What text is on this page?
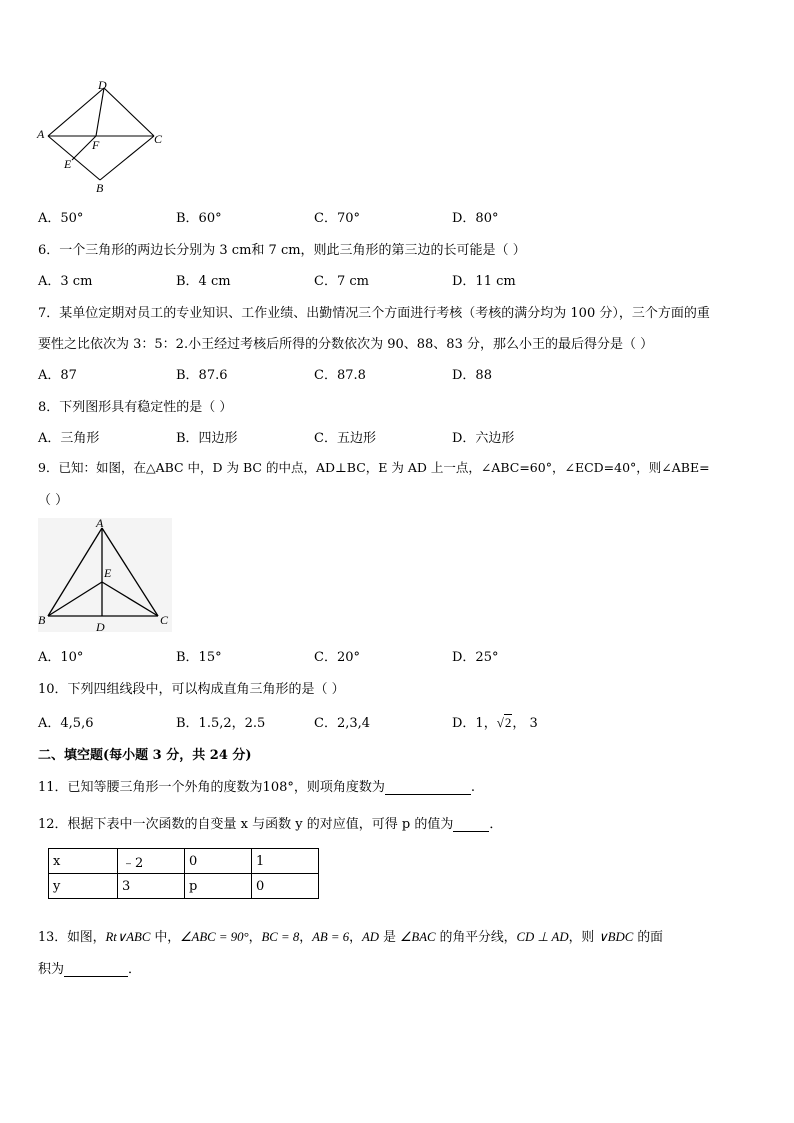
D
A	C
F
E
B
A．50°	B．60°	C．70°	D．80°
6．一个三角形的两边长分别为 3 cm和 7 cm，则此三角形的第三边的长可能是（ ）
A．3 cm	B．4 cm	C．7 cm	D．11 cm
7．某单位定期对员工的专业知识、工作业绩、出勤情况三个方面进行考核（考核的满分均为 100 分），三个方面的重
要性之比依次为 3：5：2.小王经过考核后所得的分数依次为 90、88、83 分，那么小王的最后得分是（ ）
A．87	B．87.6	C．87.8	D．88
8．下列图形具有稳定性的是（ ）
A．三角形	B．四边形	C．五边形	D．六边形
9．已知：如图，在△ABC 中，D 为 BC 的中点，AD⊥BC，E 为 AD 上一点，∠ABC=60°，∠ECD=40°，则∠ABE=
（ ）
A
E
B	C
D
A．10°	B．15°	C．20°	D．25°
10．下列四组线段中，可以构成直角三角形的是（ ）
A．4,5,6	B．1.5,2，2.5	C．2,3,4	D．1，√2， 3
二、填空题(每小题 3 分，共 24 分)
11．已知等腰三角形一个外角的度数为108°，则项角度数为	.
12．根据下表中一次函数的自变量 x 与函数 y 的对应值，可得 p 的值为	．
x	﹣2	0	1
y	3	p	0
13．如图，Rt∨ABC 中，∠ABC = 90°，BC = 8，AB = 6，AD 是 ∠BAC 的角平分线，CD ⊥ AD，则 ∨BDC 的面
积为	．
